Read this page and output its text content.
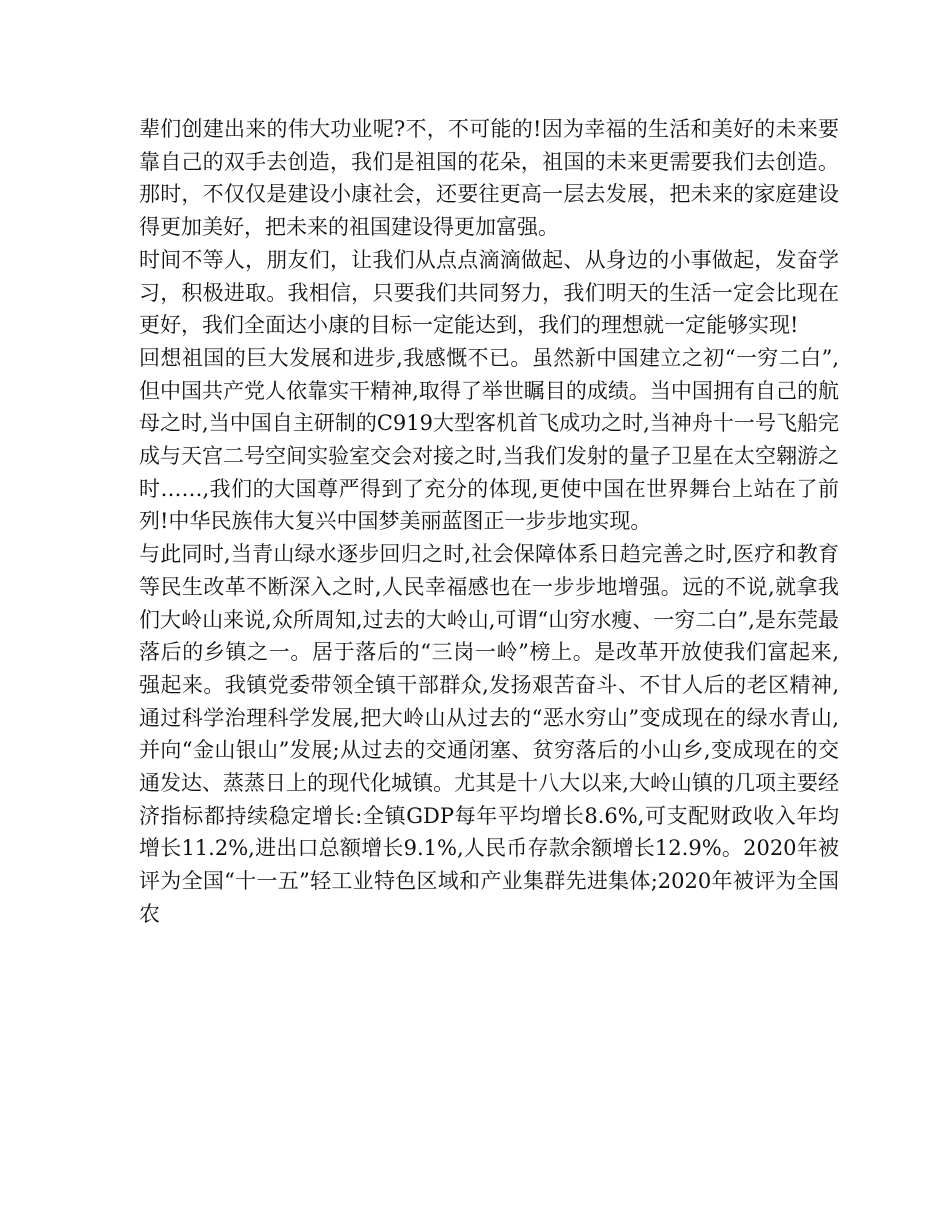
辈们创建出来的伟大功业呢?不，不可能的!因为幸福的生活和美好的未来要靠自己的双手去创造，我们是祖国的花朵，祖国的未来更需要我们去创造。那时，不仅仅是建设小康社会，还要往更高一层去发展，把未来的家庭建设得更加美好，把未来的祖国建设得更加富强。

时间不等人，朋友们，让我们从点点滴滴做起、从身边的小事做起，发奋学习，积极进取。我相信，只要我们共同努力，我们明天的生活一定会比现在更好，我们全面达小康的目标一定能达到，我们的理想就一定能够实现!

回想祖国的巨大发展和进步,我感慨不已。虽然新中国建立之初“一穷二白”,但中国共产党人依靠实干精神,取得了举世瞩目的成绩。当中国拥有自己的航母之时,当中国自主研制的C919大型客机首飞成功之时,当神舟十一号飞船完成与天宫二号空间实验室交会对接之时,当我们发射的量子卫星在太空翱游之时……,我们的大国尊严得到了充分的体现,更使中国在世界舞台上站在了前列!中华民族伟大复兴中国梦美丽蓝图正一步步地实现。

与此同时,当青山绿水逐步回归之时,社会保障体系日趋完善之时,医疗和教育等民生改革不断深入之时,人民幸福感也在一步步地增强。远的不说,就拿我们大岭山来说,众所周知,过去的大岭山,可谓“山穷水瘦、一穷二白”,是东莞最落后的乡镇之一。居于落后的“三岗一岭”榜上。是改革开放使我们富起来,强起来。我镇党委带领全镇干部群众,发扬艰苦奋斗、不甘人后的老区精神,通过科学治理科学发展,把大岭山从过去的“恶水穷山”变成现在的绿水青山,并向“金山银山”发展;从过去的交通闭塞、贫穷落后的小山乡,变成现在的交通发达、蒸蒸日上的现代化城镇。尤其是十八大以来,大岭山镇的几项主要经济指标都持续稳定增长:全镇GDP每年平均增长8.6%,可支配财政收入年均增长11.2%,进出口总额增长9.1%,人民币存款余额增长12.9%。2020年被评为全国“十一五”轻工业特色区域和产业集群先进集体;2020年被评为全国农
